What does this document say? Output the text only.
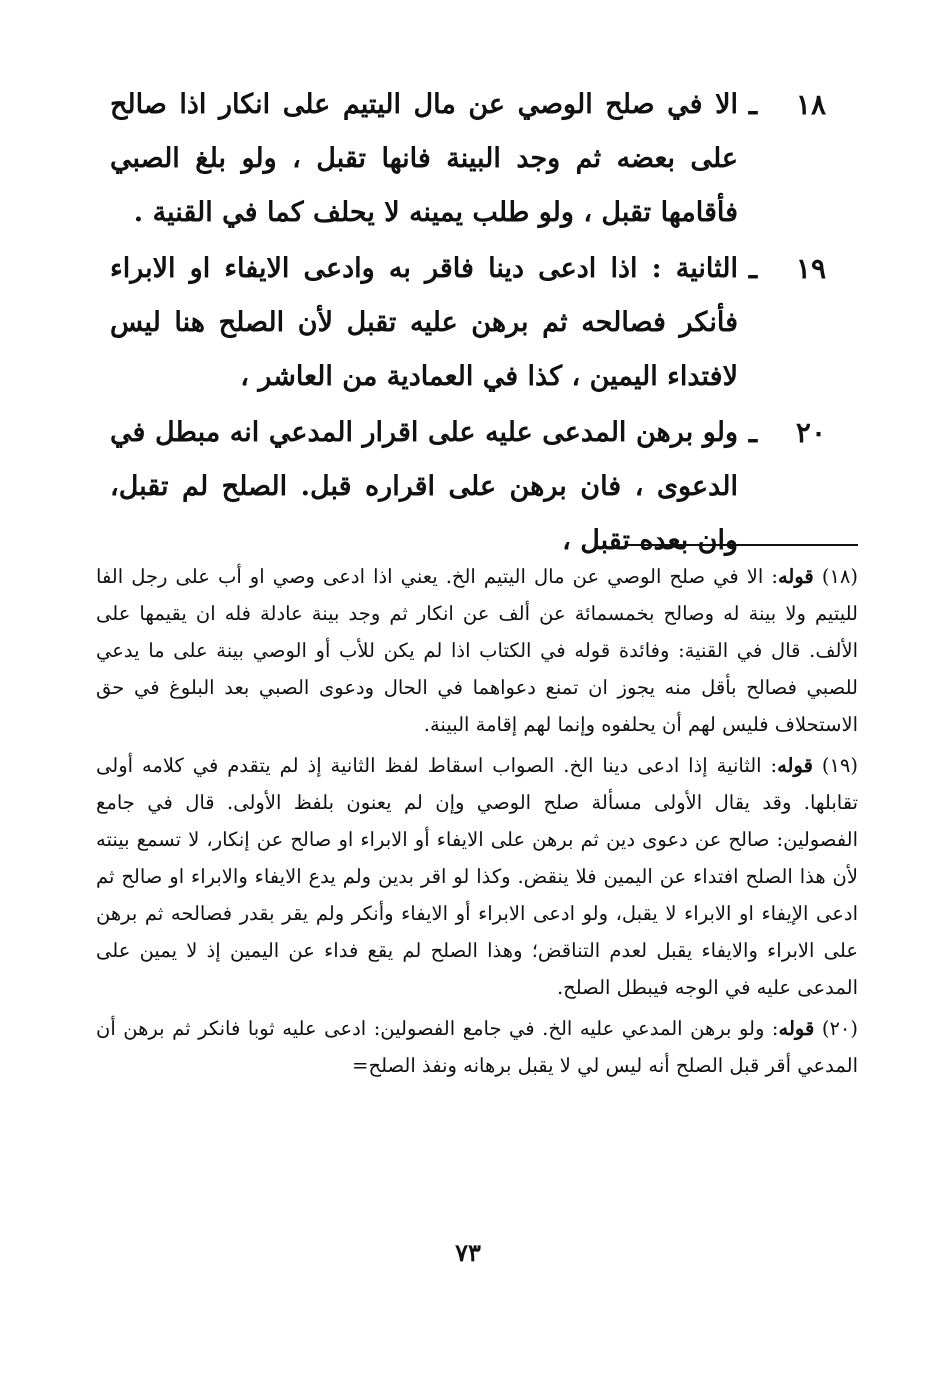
١٨
ـ
الا في صلح الوصي عن مال اليتيم على انكار اذا صالح على بعضه ثم وجد البينة فانها تقبل ، ولو بلغ الصبي فأقامها تقبل ، ولو طلب يمينه لا يحلف كما في القنية .
١٩
ـ
الثانية : اذا ادعى دينا فاقر به وادعى الايفاء او الابراء فأنكر فصالحه ثم برهن عليه تقبل لأن الصلح هنا ليس لافتداء اليمين ، كذا في العمادية من العاشر ،
٢٠
ـ
ولو برهن المدعى عليه على اقرار المدعي انه مبطل في الدعوى ، فان برهن على اقراره قبل. الصلح لم تقبل، وان بعده تقبل ،

(١٨) قوله: الا في صلح الوصي عن مال اليتيم الخ. يعني اذا ادعى وصي او أب على رجل الفا لليتيم ولا بينة له وصالح بخمسمائة عن ألف عن انكار ثم وجد بينة عادلة فله ان يقيمها على الألف. قال في القنية: وفائدة قوله في الكتاب اذا لم يكن للأب أو الوصي بينة على ما يدعي للصبي فصالح بأقل منه يجوز ان تمنع دعواهما في الحال ودعوى الصبي بعد البلوغ في حق الاستحلاف فليس لهم أن يحلفوه وإنما لهم إقامة البينة.

(١٩) قوله: الثانية إذا ادعى دينا الخ. الصواب اسقاط لفظ الثانية إذ لم يتقدم في كلامه أولى تقابلها. وقد يقال الأولى مسألة صلح الوصي وإن لم يعنون بلفظ الأولى. قال في جامع الفصولين: صالح عن دعوى دين ثم برهن على الايفاء أو الابراء او صالح عن إنكار، لا تسمع بينته لأن هذا الصلح افتداء عن اليمين فلا ينقض. وكذا لو اقر بدين ولم يدع الايفاء والابراء او صالح ثم ادعى الإيفاء او الابراء لا يقبل، ولو ادعى الابراء أو الايفاء وأنكر ولم يقر بقدر فصالحه ثم برهن على الابراء والايفاء يقبل لعدم التناقض؛ وهذا الصلح لم يقع فداء عن اليمين إذ لا يمين على المدعى عليه في الوجه فيبطل الصلح.

(٢٠) قوله: ولو برهن المدعي عليه الخ. في جامع الفصولين: ادعى عليه ثوبا فانكر ثم برهن أن المدعي أقر قبل الصلح أنه ليس لي لا يقبل برهانه ونفذ الصلح=

٧٣
